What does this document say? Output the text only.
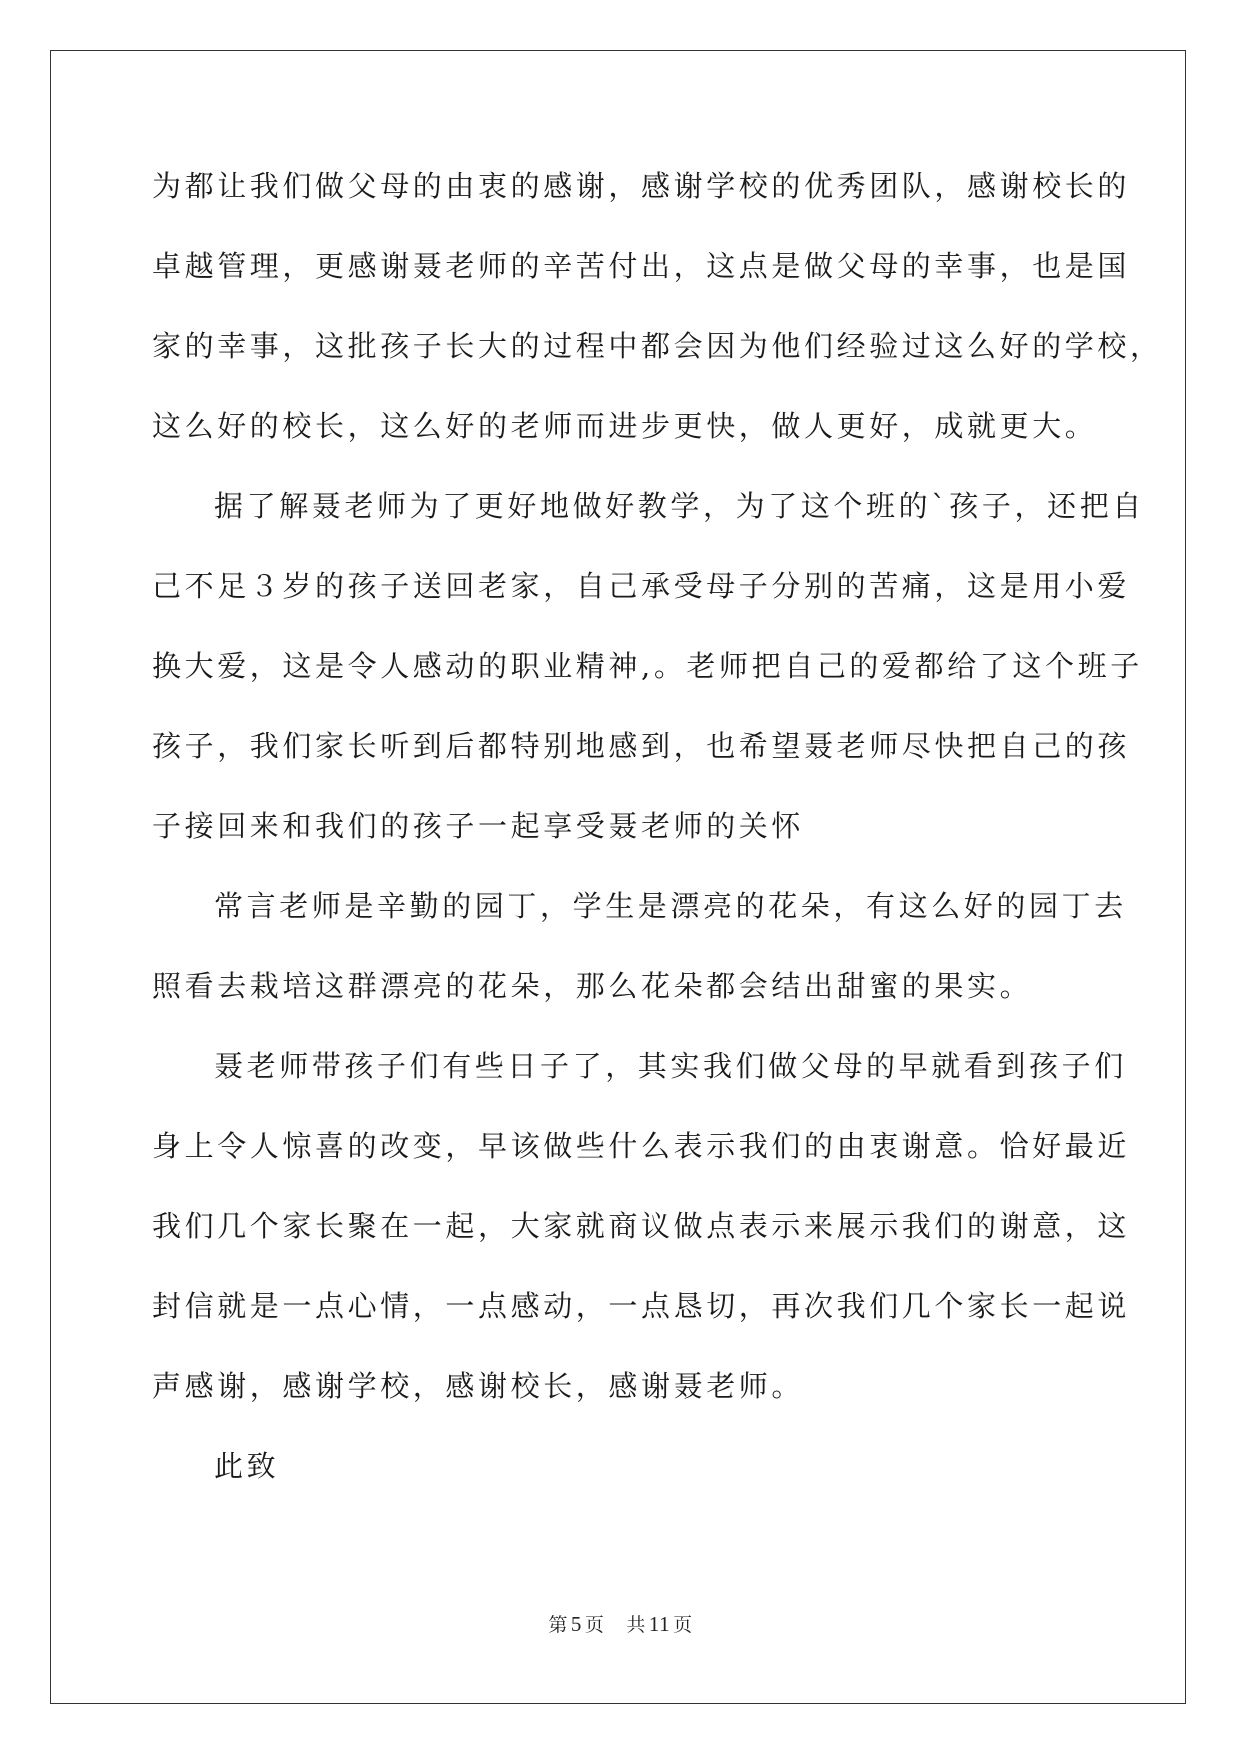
为都让我们做父母的由衷的感谢，感谢学校的优秀团队，感谢校长的
卓越管理，更感谢聂老师的辛苦付出，这点是做父母的幸事，也是国
家的幸事，这批孩子长大的过程中都会因为他们经验过这么好的学校，
这么好的校长，这么好的老师而进步更快，做人更好，成就更大。
据了解聂老师为了更好地做好教学，为了这个班的`孩子，还把自
己不足３岁的孩子送回老家，自己承受母子分别的苦痛，这是用小爱
换大爱，这是令人感动的职业精神,。老师把自己的爱都给了这个班子
孩子，我们家长听到后都特别地感到，也希望聂老师尽快把自己的孩
子接回来和我们的孩子一起享受聂老师的关怀
常言老师是辛勤的园丁，学生是漂亮的花朵，有这么好的园丁去
照看去栽培这群漂亮的花朵，那么花朵都会结出甜蜜的果实。
聂老师带孩子们有些日子了，其实我们做父母的早就看到孩子们
身上令人惊喜的改变，早该做些什么表示我们的由衷谢意。恰好最近
我们几个家长聚在一起，大家就商议做点表示来展示我们的谢意，这
封信就是一点心情，一点感动，一点恳切，再次我们几个家长一起说
声感谢，感谢学校，感谢校长，感谢聂老师。
此致
第 5 页 共 11 页
